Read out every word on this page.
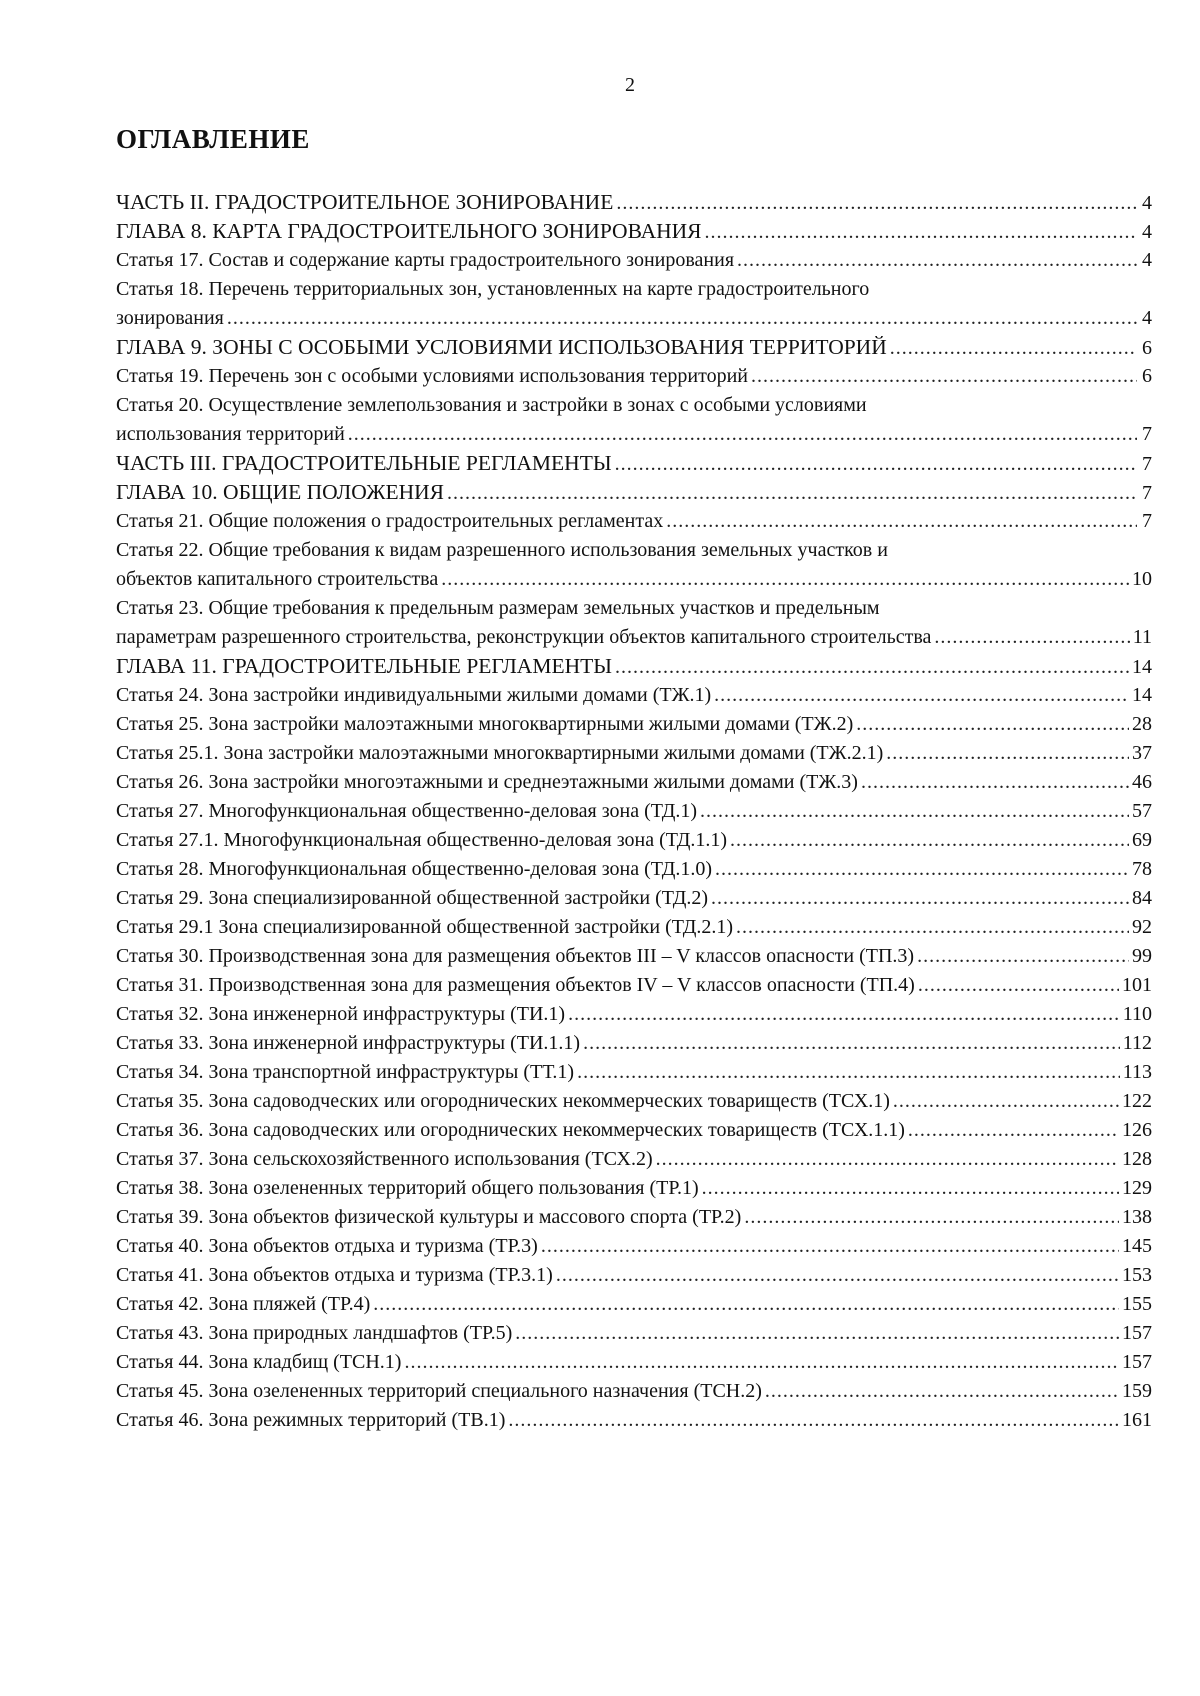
2
ОГЛАВЛЕНИЕ
ЧАСТЬ II. ГРАДОСТРОИТЕЛЬНОЕ ЗОНИРОВАНИЕ .....	4
ГЛАВА 8. КАРТА ГРАДОСТРОИТЕЛЬНОГО ЗОНИРОВАНИЯ .....	4
Статья 17. Состав и содержание карты градостроительного зонирования .....	4
Статья 18. Перечень территориальных зон, установленных на карте градостроительного
зонирования .....	4
ГЛАВА 9. ЗОНЫ С ОСОБЫМИ УСЛОВИЯМИ ИСПОЛЬЗОВАНИЯ ТЕРРИТОРИЙ .....	6
Статья 19. Перечень зон с особыми условиями использования территорий .....	6
Статья 20. Осуществление землепользования и застройки в зонах с особыми условиями
использования территорий .....	7
ЧАСТЬ III. ГРАДОСТРОИТЕЛЬНЫЕ РЕГЛАМЕНТЫ .....	7
ГЛАВА 10. ОБЩИЕ ПОЛОЖЕНИЯ .....	7
Статья 21. Общие положения о градостроительных регламентах .....	7
Статья 22. Общие требования к видам разрешенного использования земельных участков и
объектов капитального строительства .....	10
Статья 23. Общие требования к предельным размерам земельных участков и предельным
параметрам разрешенного строительства, реконструкции объектов капитального строительства .....	11
ГЛАВА 11. ГРАДОСТРОИТЕЛЬНЫЕ РЕГЛАМЕНТЫ .....	14
Статья 24. Зона застройки индивидуальными жилыми домами (ТЖ.1) .....	14
Статья 25. Зона застройки малоэтажными многоквартирными жилыми домами (ТЖ.2) .....	28
Статья 25.1. Зона застройки малоэтажными многоквартирными жилыми домами (ТЖ.2.1) .....	37
Статья 26. Зона застройки многоэтажными и среднеэтажными жилыми домами (ТЖ.3) .....	46
Статья 27. Многофункциональная общественно-деловая зона (ТД.1) .....	57
Статья 27.1. Многофункциональная общественно-деловая зона (ТД.1.1) .....	69
Статья 28. Многофункциональная общественно-деловая зона (ТД.1.0) .....	78
Статья 29. Зона специализированной общественной застройки (ТД.2) .....	84
Статья 29.1 Зона специализированной общественной застройки (ТД.2.1) .....	92
Статья 30. Производственная зона для размещения объектов III – V классов опасности (ТП.3) .....	99
Статья 31. Производственная зона для размещения объектов IV – V классов опасности (ТП.4) .....	101
Статья 32. Зона инженерной инфраструктуры (ТИ.1) .....	110
Статья 33. Зона инженерной инфраструктуры (ТИ.1.1) .....	112
Статья 34. Зона транспортной инфраструктуры (ТТ.1) .....	113
Статья 35. Зона садоводческих или огороднических некоммерческих товариществ (ТСХ.1) .....	122
Статья 36. Зона садоводческих или огороднических некоммерческих товариществ (ТСХ.1.1) .....	126
Статья 37. Зона сельскохозяйственного использования (ТСХ.2) .....	128
Статья 38. Зона озелененных территорий общего пользования (ТР.1) .....	129
Статья 39. Зона объектов физической культуры и массового спорта (ТР.2) .....	138
Статья 40. Зона объектов отдыха и туризма (ТР.3) .....	145
Статья 41. Зона объектов отдыха и туризма (ТР.3.1) .....	153
Статья 42. Зона пляжей (ТР.4) .....	155
Статья 43. Зона природных ландшафтов (ТР.5) .....	157
Статья 44. Зона кладбищ (ТСН.1) .....	157
Статья 45. Зона озелененных территорий специального назначения (ТСН.2) .....	159
Статья 46. Зона режимных территорий (ТВ.1) .....	161
